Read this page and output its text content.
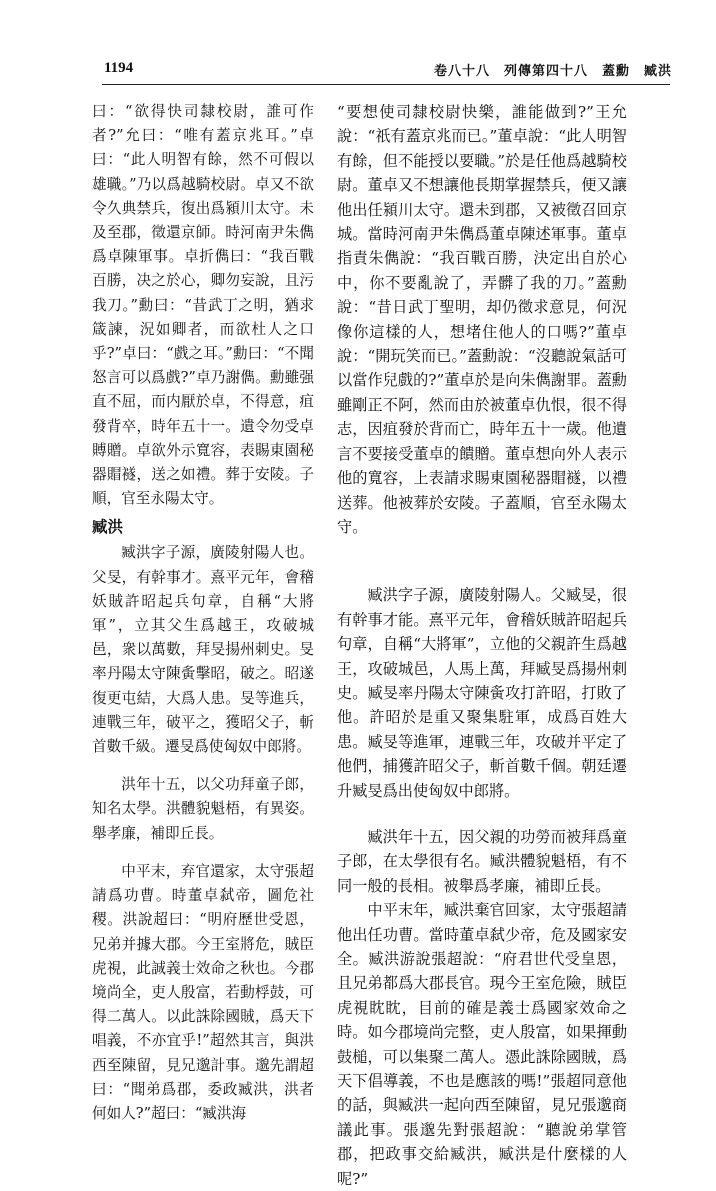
1194	卷八十八　列傳第四十八　蓋勳　臧洪

曰：“欲得快司隸校尉，誰可作者?”允曰：“唯有蓋京兆耳。”卓曰：“此人明智有餘，然不可假以雄職。”乃以爲越騎校尉。卓又不欲令久典禁兵，復出爲潁川太守。未及至郡，徵還京師。時河南尹朱儁爲卓陳軍事。卓折儁曰：“我百戰百勝，决之於心，卿勿妄說，且污我刀。”勳曰：“昔武丁之明，猶求箴諫，況如卿者，而欲杜人之口乎?”卓曰：“戲之耳。”勳曰：“不聞怒言可以爲戲?”卓乃謝儁。勳雖强直不屈，而内厭於卓，不得意，疽發背卒，時年五十一。遺令勿受卓賻贈。卓欲外示寬容，表賜東園秘器賵襚，送之如禮。葬于安陵。子順，官至永陽太守。

臧洪

臧洪字子源，廣陵射陽人也。父旻，有幹事才。熹平元年，會稽妖賊許昭起兵句章，自稱“大將軍”，立其父生爲越王，攻破城邑，衆以萬數，拜旻揚州刺史。旻率丹陽太守陳夤擊昭，破之。昭遂復更屯結，大爲人患。旻等進兵，連戰三年，破平之，獲昭父子，斬首數千級。遷旻爲使匈奴中郎將。

洪年十五，以父功拜童子郎，知名太學。洪體貌魁梧，有異姿。舉孝廉，補即丘長。

中平末，弃官還家，太守張超請爲功曹。時董卓弑帝，圖危社稷。洪說超曰：“明府歷世受恩，兄弟并據大郡。今王室將危，賊臣虎視，此誠義士效命之秋也。今郡境尚全，吏人殷富，若動桴鼓，可得二萬人。以此誅除國賊，爲天下唱義，不亦宜乎!”超然其言，與洪西至陳留，見兄邈計事。邈先謂超曰：“聞弟爲郡，委政臧洪，洪者何如人?”超曰：“臧洪海

“要想使司隸校尉快樂，誰能做到?”王允說：“祇有蓋京兆而已。”董卓說：“此人明智有餘，但不能授以要職。”於是任他爲越騎校尉。董卓又不想讓他長期掌握禁兵，便又讓他出任潁川太守。還未到郡，又被徵召回京城。當時河南尹朱儁爲董卓陳述軍事。董卓指責朱儁說：“我百戰百勝，決定出自於心中，你不要亂說了，弄髒了我的刀。”蓋勳說：“昔日武丁聖明，却仍徵求意見，何況像你這樣的人，想堵住他人的口嗎?”董卓說：“開玩笑而已。”蓋勳說：“沒聽說氣話可以當作兒戲的?”董卓於是向朱儁謝罪。蓋勳雖剛正不阿，然而由於被董卓仇恨，很不得志，因疽發於背而亡，時年五十一歲。他遺言不要接受董卓的饋贈。董卓想向外人表示他的寬容，上表請求賜東園秘器賵襚，以禮送葬。他被葬於安陵。子蓋順，官至永陽太守。

臧洪字子源，廣陵射陽人。父臧旻，很有幹事才能。熹平元年，會稽妖賊許昭起兵句章，自稱“大將軍”，立他的父親許生爲越王，攻破城邑，人馬上萬，拜臧旻爲揚州刺史。臧旻率丹陽太守陳夤攻打許昭，打敗了他。許昭於是重又聚集駐軍，成爲百姓大患。臧旻等進軍，連戰三年，攻破并平定了他們，捕獲許昭父子，斬首數千個。朝廷遷升臧旻爲出使匈奴中郎將。

臧洪年十五，因父親的功勞而被拜爲童子郎，在太學很有名。臧洪體貌魁梧，有不同一般的長相。被舉爲孝廉，補即丘長。

中平末年，臧洪棄官回家，太守張超請他出任功曹。當時董卓弑少帝，危及國家安全。臧洪游說張超說：“府君世代受皇恩，且兄弟都爲大郡長官。現今王室危險，賊臣虎視眈眈，目前的確是義士爲國家效命之時。如今郡境尚完整，吏人殷富，如果揮動鼓槌，可以集聚二萬人。憑此誅除國賊，爲天下倡導義，不也是應該的嗎!”張超同意他的話，與臧洪一起向西至陳留，見兄張邈商議此事。張邈先對張超說：“聽說弟掌管郡，把政事交給臧洪，臧洪是什麼樣的人呢?”
